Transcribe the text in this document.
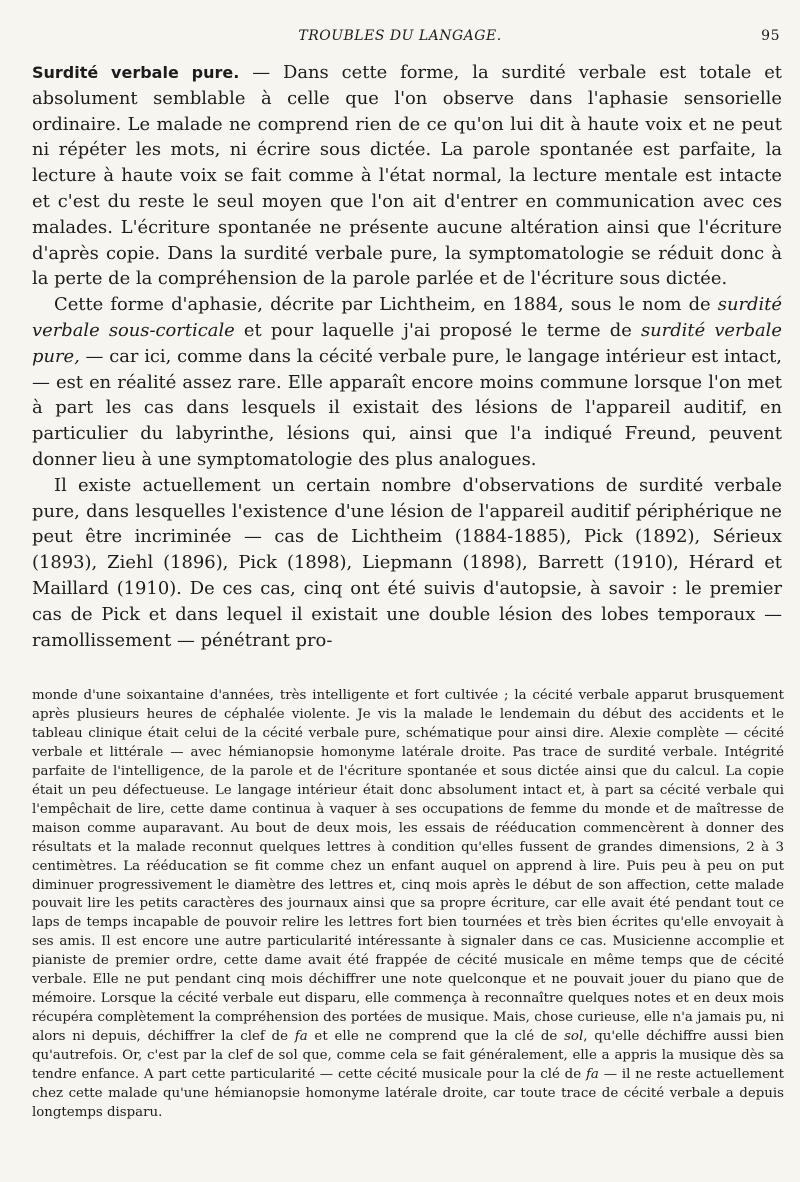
TROUBLES DU LANGAGE.	95

Surdité verbale pure. — Dans cette forme, la surdité verbale est totale et absolument semblable à celle que l'on observe dans l'aphasie sensorielle ordinaire. Le malade ne comprend rien de ce qu'on lui dit à haute voix et ne peut ni répéter les mots, ni écrire sous dictée. La parole spontanée est parfaite, la lecture à haute voix se fait comme à l'état normal, la lecture mentale est intacte et c'est du reste le seul moyen que l'on ait d'entrer en communication avec ces malades. L'écriture spontanée ne présente aucune altération ainsi que l'écriture d'après copie. Dans la surdité verbale pure, la symptomatologie se réduit donc à la perte de la compréhension de la parole parlée et de l'écriture sous dictée.

Cette forme d'aphasie, décrite par Lichtheim, en 1884, sous le nom de surdité verbale sous-corticale et pour laquelle j'ai proposé le terme de surdité verbale pure, — car ici, comme dans la cécité verbale pure, le langage intérieur est intact, — est en réalité assez rare. Elle apparaît encore moins commune lorsque l'on met à part les cas dans lesquels il existait des lésions de l'appareil auditif, en particulier du labyrinthe, lésions qui, ainsi que l'a indiqué Freund, peuvent donner lieu à une symptomatologie des plus analogues.

Il existe actuellement un certain nombre d'observations de surdité verbale pure, dans lesquelles l'existence d'une lésion de l'appareil auditif périphérique ne peut être incriminée — cas de Lichtheim (1884-1885), Pick (1892), Sérieux (1893), Ziehl (1896), Pick (1898), Liepmann (1898), Barrett (1910), Hérard et Maillard (1910). De ces cas, cinq ont été suivis d'autopsie, à savoir : le premier cas de Pick et dans lequel il existait une double lésion des lobes temporaux — ramollissement — pénétrant pro-

monde d'une soixantaine d'années, très intelligente et fort cultivée ; la cécité verbale apparut brusquement après plusieurs heures de céphalée violente. Je vis la malade le lendemain du début des accidents et le tableau clinique était celui de la cécité verbale pure, schématique pour ainsi dire. Alexie complète — cécité verbale et littérale — avec hémianopsie homonyme latérale droite. Pas trace de surdité verbale. Intégrité parfaite de l'intelligence, de la parole et de l'écriture spontanée et sous dictée ainsi que du calcul. La copie était un peu défectueuse. Le langage intérieur était donc absolument intact et, à part sa cécité verbale qui l'empêchait de lire, cette dame continua à vaquer à ses occupations de femme du monde et de maîtresse de maison comme auparavant. Au bout de deux mois, les essais de rééducation commencèrent à donner des résultats et la malade reconnut quelques lettres à condition qu'elles fussent de grandes dimensions, 2 à 3 centimètres. La rééducation se fit comme chez un enfant auquel on apprend à lire. Puis peu à peu on put diminuer progressivement le diamètre des lettres et, cinq mois après le début de son affection, cette malade pouvait lire les petits caractères des journaux ainsi que sa propre écriture, car elle avait été pendant tout ce laps de temps incapable de pouvoir relire les lettres fort bien tournées et très bien écrites qu'elle envoyait à ses amis. Il est encore une autre particularité intéressante à signaler dans ce cas. Musicienne accomplie et pianiste de premier ordre, cette dame avait été frappée de cécité musicale en même temps que de cécité verbale. Elle ne put pendant cinq mois déchiffrer une note quelconque et ne pouvait jouer du piano que de mémoire. Lorsque la cécité verbale eut disparu, elle commença à reconnaître quelques notes et en deux mois récupéra complètement la compréhension des portées de musique. Mais, chose curieuse, elle n'a jamais pu, ni alors ni depuis, déchiffrer la clef de fa et elle ne comprend que la clé de sol, qu'elle déchiffre aussi bien qu'autrefois. Or, c'est par la clef de sol que, comme cela se fait généralement, elle a appris la musique dès sa tendre enfance. A part cette particularité — cette cécité musicale pour la clé de fa — il ne reste actuellement chez cette malade qu'une hémianopsie homonyme latérale droite, car toute trace de cécité verbale a depuis longtemps disparu.
